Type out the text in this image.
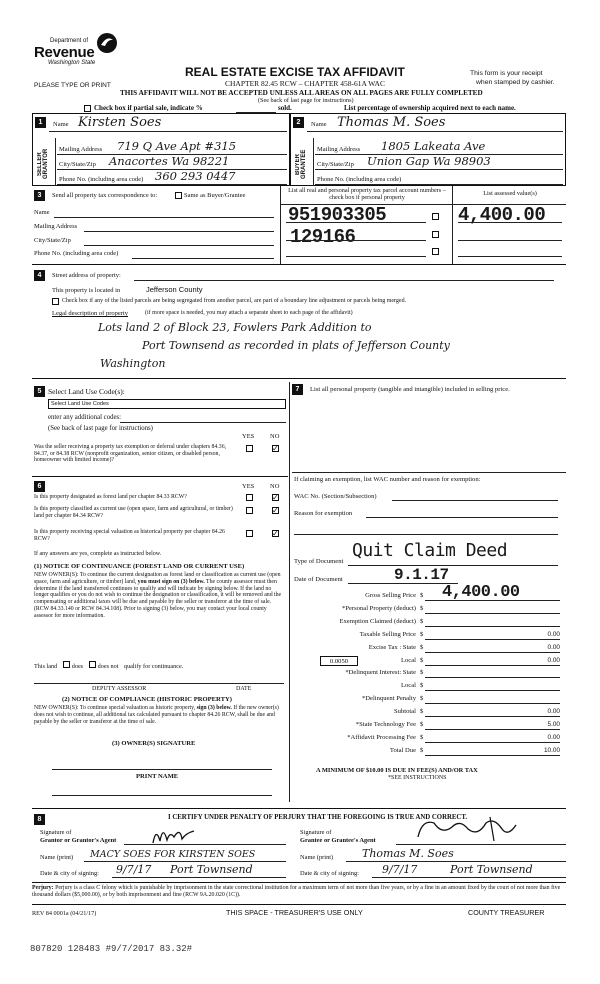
Department of
Revenue
Washington State
PLEASE TYPE OR PRINT
REAL ESTATE EXCISE TAX AFFIDAVIT
CHAPTER 82.45 RCW – CHAPTER 458-61A WAC
THIS AFFIDAVIT WILL NOT BE ACCEPTED UNLESS ALL AREAS ON ALL PAGES ARE FULLY COMPLETED
(See back of last page for instructions)
This form is your receipt
when stamped by cashier.
Check box if partial sale, indicate %	sold.	List percentage of ownership acquired next to each name.
1
SELLER GRANTOR
Name Kirsten Soes
Mailing Address 719 Q Ave Apt #315
City/State/Zip Anacortes Wa 98221
Phone No. (including area code) 360 293 0447
2
BUYER GRANTEE
Name Thomas M. Soes
Mailing Address 1805 Lakeata Ave
City/State/Zip Union Gap Wa 98903
Phone No. (including area code)
3	Send all property tax correspondence to:	Same as Buyer/Grantee
Name
Mailing Address
City/State/Zip
Phone No. (including area code)
List all real and personal property tax parcel account numbers – check box if personal property
List assessed value(s)
951903305	4,400.00
129166
4	Street address of property:
This property is located in	Jefferson County
Check box if any of the listed parcels are being segregated from another parcel, are part of a boundary line adjustment or parcels being merged.
Legal description of property	(if more space is needed, you may attach a separate sheet to each page of the affidavit)
Lots land 2 of Block 23, Fowlers Park Addition to
Port Townsend as recorded in plats of Jefferson County
Washington
5 Select Land Use Code(s):
Select Land Use Codes
enter any additional codes:
(See back of last page for instructions)
YES NO
Was the seller receiving a property tax exemption or deferral under chapters 84.36, 84.37, or 84.38 RCW (nonprofit organization, senior citizen, or disabled person, homeowner with limited income)?
✓
6	YES NO
Is this property designated as forest land per chapter 84.33 RCW?
✓
Is this property classified as current use (open space, farm and agricultural, or timber) land per chapter 84.34 RCW?
✓
Is this property receiving special valuation as historical property per chapter 84.26 RCW?
✓
If any answers are yes, complete as instructed below.
(1) NOTICE OF CONTINUANCE (FOREST LAND OR CURRENT USE)
NEW OWNER(S): To continue the current designation as forest land or classification as current use (open space, farm and agriculture, or timber) land, you must sign on (3) below. The county assessor must then determine if the land transferred continues to qualify and will indicate by signing below. If the land no longer qualifies or you do not wish to continue the designation or classification, it will be removed and the compensating or additional taxes will be due and payable by the seller or transferor at the time of sale. (RCW 84.33.140 or RCW 84.34.108). Prior to signing (3) below, you may contact your local county assessor for more information.
This land does does not qualify for continuance.
DEPUTY ASSESSOR	DATE
(2) NOTICE OF COMPLIANCE (HISTORIC PROPERTY)
NEW OWNER(S): To continue special valuation as historic property, sign (3) below. If the new owner(s) does not wish to continue, all additional tax calculated pursuant to chapter 84.26 RCW, shall be due and payable by the seller or transferor at the time of sale.
(3) OWNER(S) SIGNATURE
PRINT NAME
7	List all personal property (tangible and intangible) included in selling price.
If claiming an exemption, list WAC number and reason for exemption:
WAC No. (Section/Subsection)
Reason for exemption
Type of Document
Quit Claim Deed
Date of Document	9.1.17
Gross Selling Price $ 4,400.00
*Personal Property (deduct) $
Exemption Claimed (deduct) $
Taxable Selling Price $	0.00
Excise Tax : State $	0.00
Local
0.0050	$	0.00
*Delinquent Interest: State $
Local $
*Delinquent Penalty $
Subtotal $	0.00
*State Technology Fee $	5.00
*Affidavit Processing Fee $	0.00
Total Due $	10.00
A MINIMUM OF $10.00 IS DUE IN FEE(S) AND/OR TAX
*SEE INSTRUCTIONS
8	I CERTIFY UNDER PENALTY OF PERJURY THAT THE FOREGOING IS TRUE AND CORRECT.
Signature of
Grantor or Grantor's Agent
Signature of
Grantee or Grantee's Agent
Name (print) MACY SOES FOR KIRSTEN SOES	Name (print)	Thomas M. Soes
Date & city of signing: 9/7/17 Port Townsend	Date & city of signing: 9/7/17	Port Townsend
Perjury: Perjury is a class C felony which is punishable by imprisonment in the state correctional institution for a maximum term of not more than five years, or by a fine in an amount fixed by the court of not more than five thousand dollars ($5,000.00), or by both imprisonment and fine (RCW 9A.20.020 (1C)).
REV 84 0001a (04/21/17)	THIS SPACE - TREASURER'S USE ONLY	COUNTY TREASURER
807820 128483 #9/7/2017 83.32#
